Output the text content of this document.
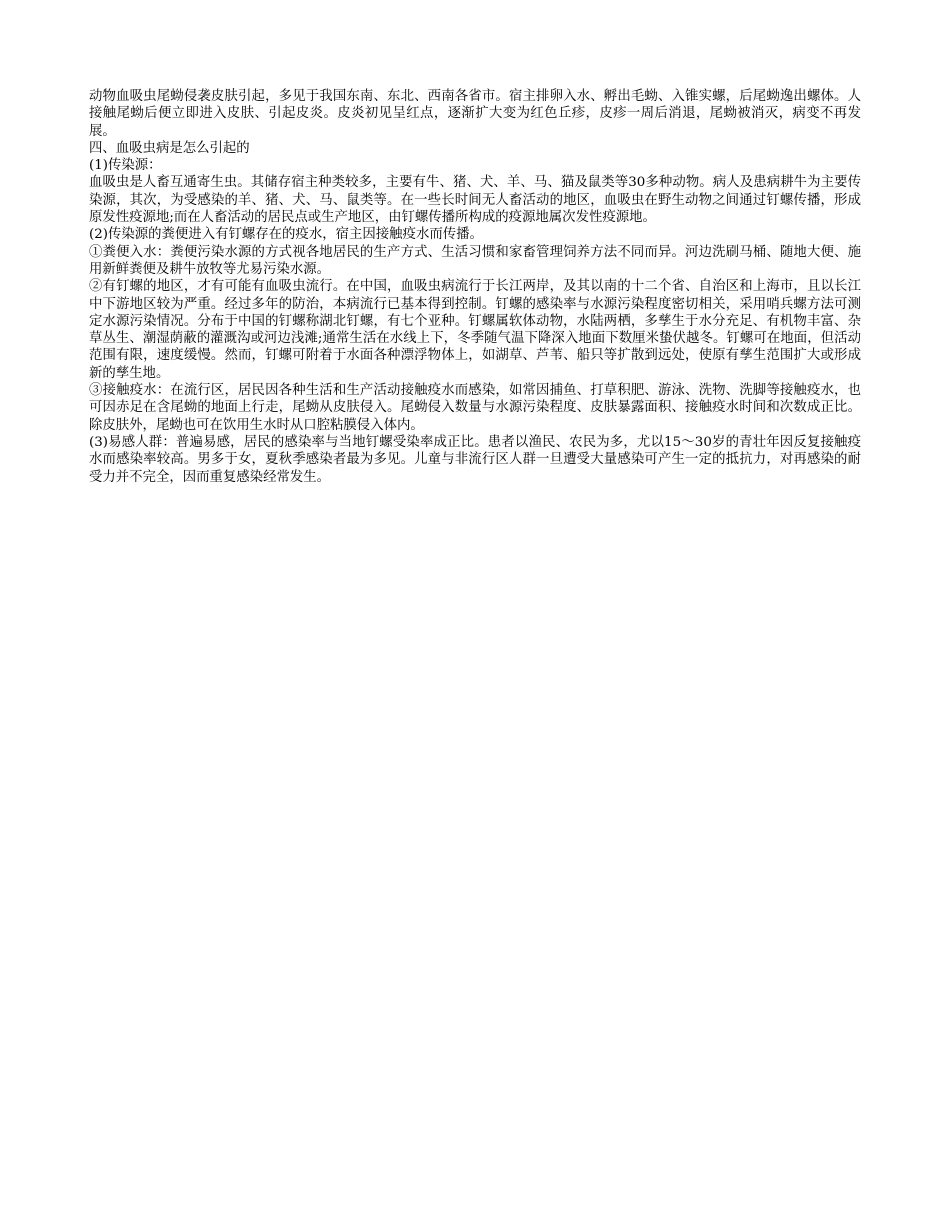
动物血吸虫尾蚴侵袭皮肤引起，多见于我国东南、东北、西南各省市。宿主排卵入水、孵出毛蚴、入锥实螺，后尾蚴逸出螺体。人接触尾蚴后便立即进入皮肤、引起皮炎。皮炎初见呈红点，逐渐扩大变为红色丘疹，皮疹一周后消退，尾蚴被消灭，病变不再发展。

四、血吸虫病是怎么引起的

(1)传染源：

血吸虫是人畜互通寄生虫。其储存宿主种类较多，主要有牛、猪、犬、羊、马、猫及鼠类等30多种动物。病人及患病耕牛为主要传染源，其次，为受感染的羊、猪、犬、马、鼠类等。在一些长时间无人畜活动的地区，血吸虫在野生动物之间通过钉螺传播，形成原发性疫源地;而在人畜活动的居民点或生产地区，由钉螺传播所构成的疫源地属次发性疫源地。

(2)传染源的粪便进入有钉螺存在的疫水，宿主因接触疫水而传播。

①粪便入水：粪便污染水源的方式视各地居民的生产方式、生活习惯和家畜管理饲养方法不同而异。河边洗刷马桶、随地大便、施用新鲜粪便及耕牛放牧等尤易污染水源。

②有钉螺的地区，才有可能有血吸虫流行。在中国，血吸虫病流行于长江两岸，及其以南的十二个省、自治区和上海市，且以长江中下游地区较为严重。经过多年的防治，本病流行已基本得到控制。钉螺的感染率与水源污染程度密切相关，采用哨兵螺方法可测定水源污染情况。分布于中国的钉螺称湖北钉螺，有七个亚种。钉螺属软体动物，水陆两栖，多孳生于水分充足、有机物丰富、杂草丛生、潮湿荫蔽的灌溉沟或河边浅滩;通常生活在水线上下，冬季随气温下降深入地面下数厘米蛰伏越冬。钉螺可在地面，但活动范围有限，速度缓慢。然而，钉螺可附着于水面各种漂浮物体上，如湖草、芦苇、船只等扩散到远处，使原有孳生范围扩大或形成新的孳生地。

③接触疫水：在流行区，居民因各种生活和生产活动接触疫水而感染，如常因捕鱼、打草积肥、游泳、洗物、洗脚等接触疫水，也可因赤足在含尾蚴的地面上行走，尾蚴从皮肤侵入。尾蚴侵入数量与水源污染程度、皮肤暴露面积、接触疫水时间和次数成正比。除皮肤外，尾蚴也可在饮用生水时从口腔粘膜侵入体内。

(3)易感人群：普遍易感，居民的感染率与当地钉螺受染率成正比。患者以渔民、农民为多，尤以15～30岁的青壮年因反复接触疫水而感染率较高。男多于女，夏秋季感染者最为多见。儿童与非流行区人群一旦遭受大量感染可产生一定的抵抗力，对再感染的耐受力并不完全，因而重复感染经常发生。
